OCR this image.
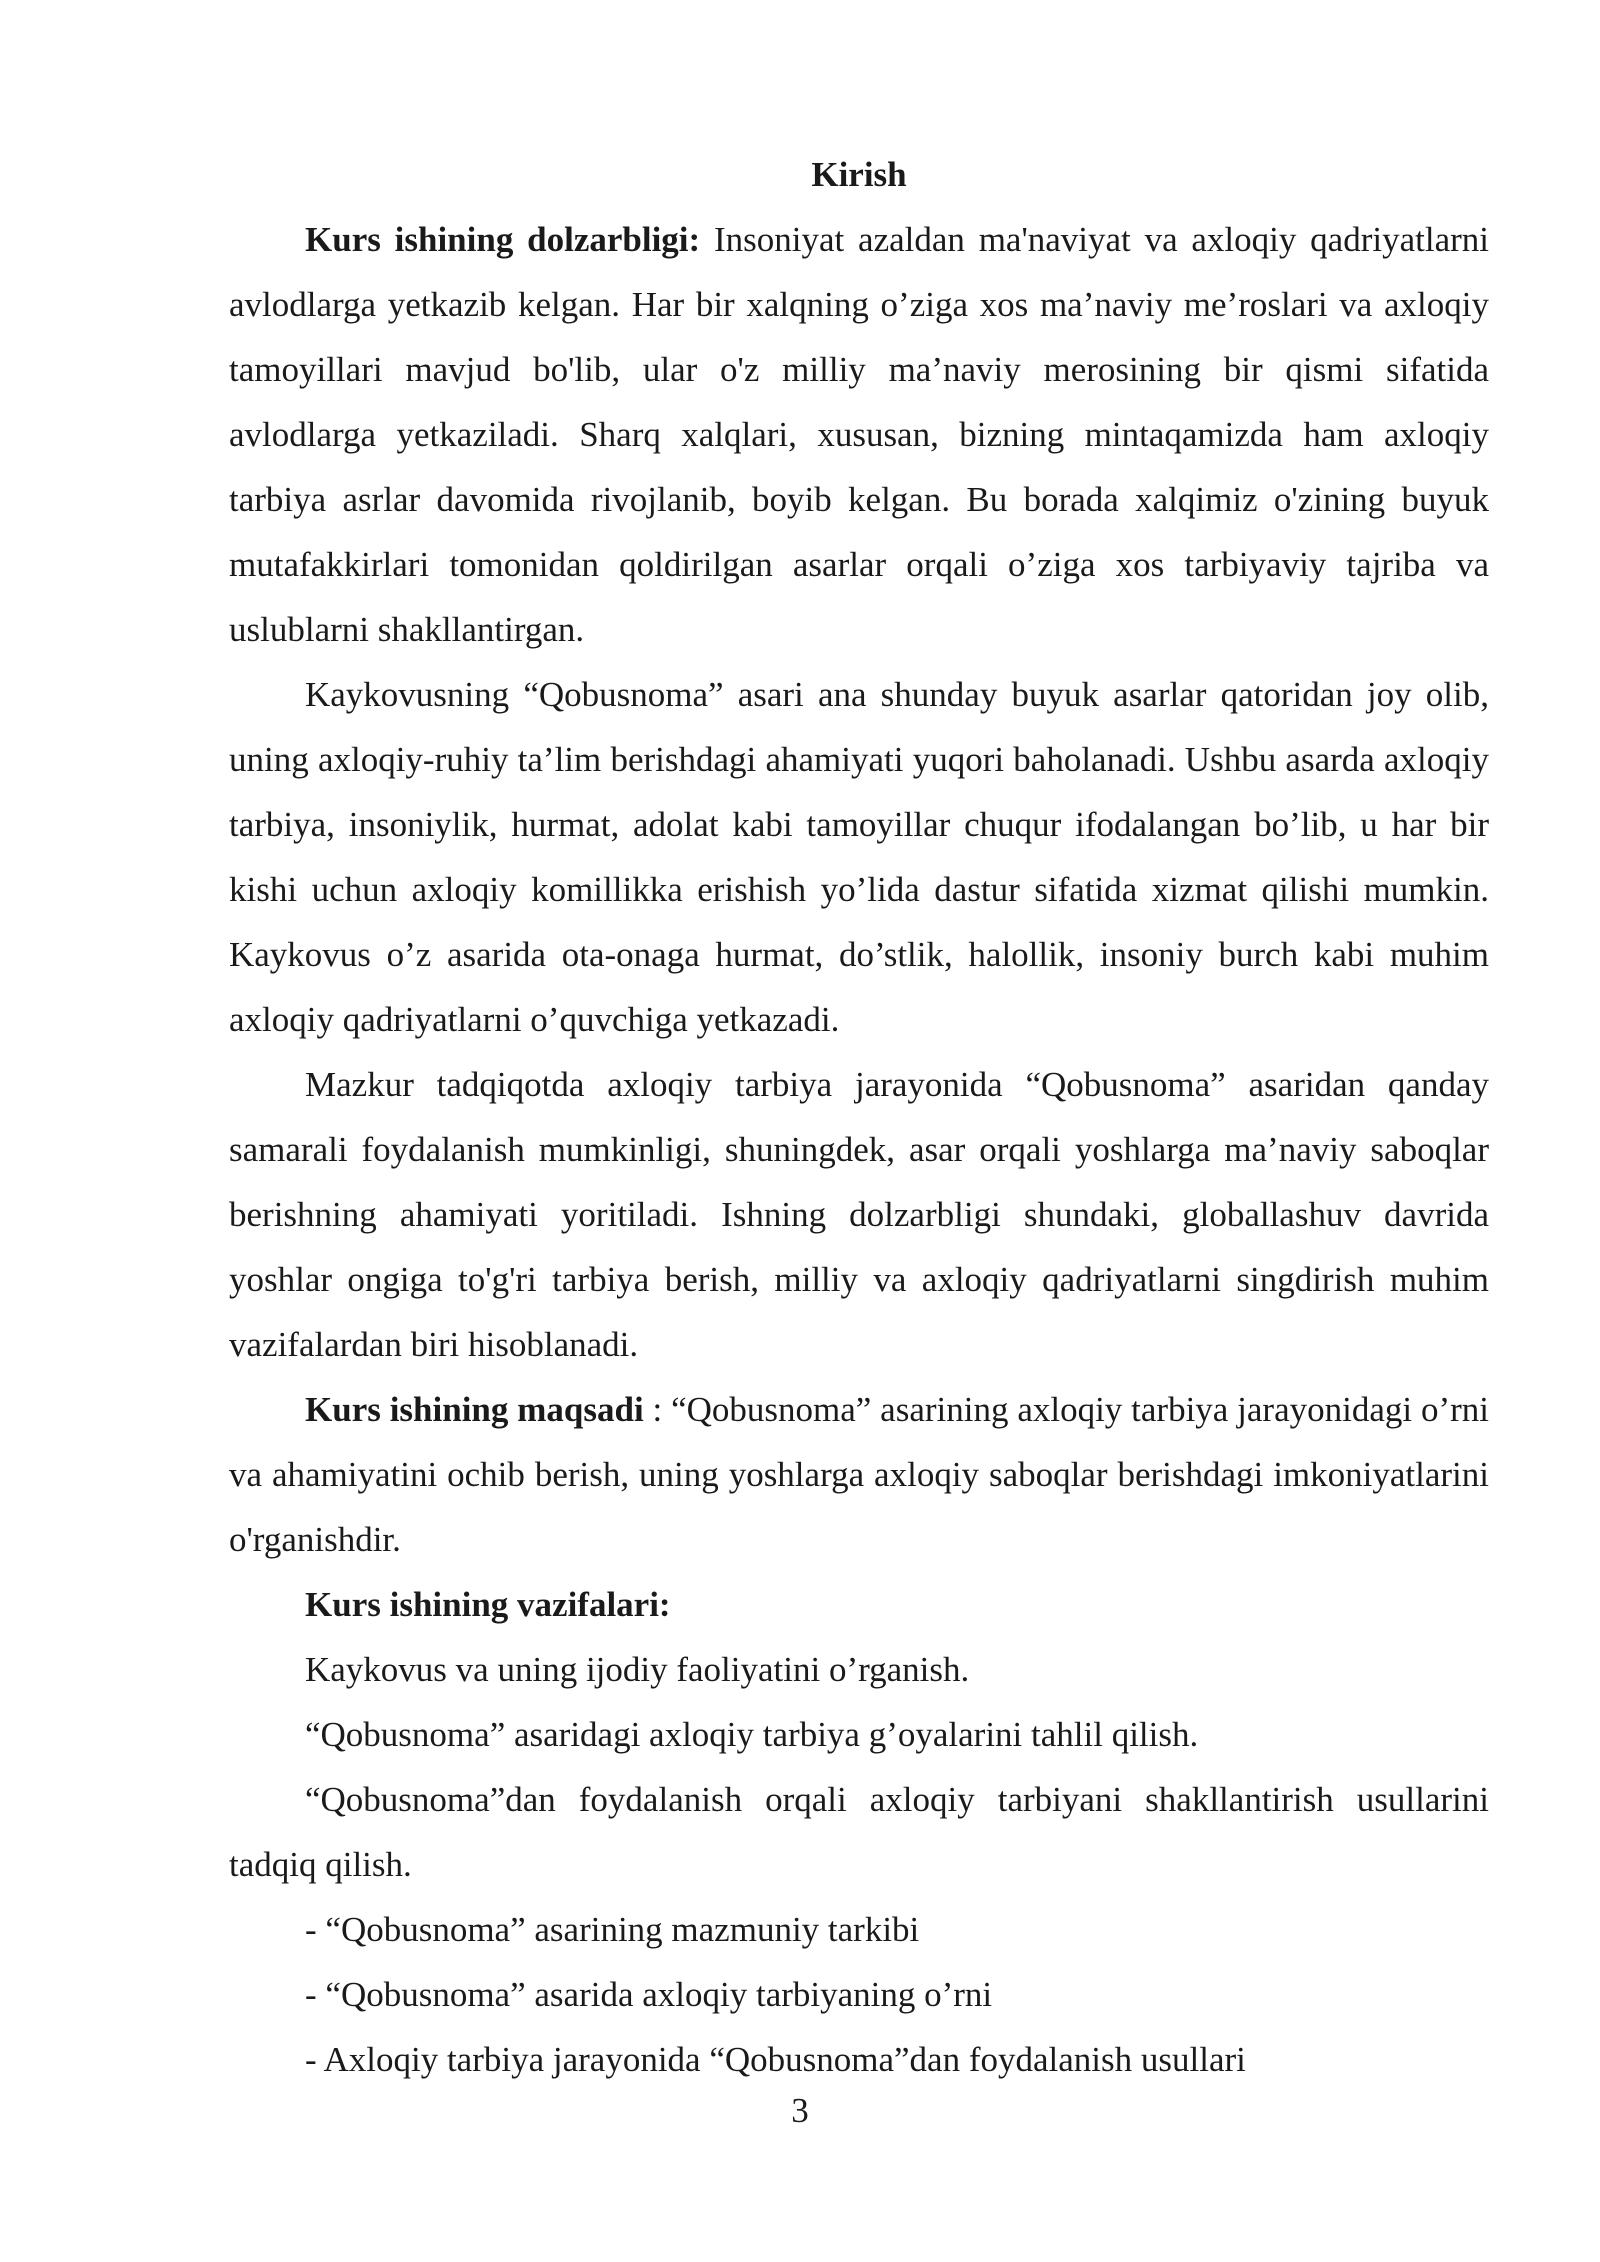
Kirish

Kurs ishining dolzarbligi: Insoniyat azaldan ma'naviyat va axloqiy qadriyatlarni avlodlarga yetkazib kelgan. Har bir xalqning o’ziga xos ma’naviy me’roslari va axloqiy tamoyillari mavjud bo'lib, ular o'z milliy ma’naviy merosining bir qismi sifatida avlodlarga yetkaziladi. Sharq xalqlari, xususan, bizning mintaqamizda ham axloqiy tarbiya asrlar davomida rivojlanib, boyib kelgan. Bu borada xalqimiz o'zining buyuk mutafakkirlari tomonidan qoldirilgan asarlar orqali o’ziga xos tarbiyaviy tajriba va uslublarni shakllantirgan.

Kaykovusning “Qobusnoma” asari ana shunday buyuk asarlar qatoridan joy olib, uning axloqiy-ruhiy ta’lim berishdagi ahamiyati yuqori baholanadi. Ushbu asarda axloqiy tarbiya, insoniylik, hurmat, adolat kabi tamoyillar chuqur ifodalangan bo’lib, u har bir kishi uchun axloqiy komillikka erishish yo’lida dastur sifatida xizmat qilishi mumkin. Kaykovus o’z asarida ota-onaga hurmat, do’stlik, halollik, insoniy burch kabi muhim axloqiy qadriyatlarni o’quvchiga yetkazadi.

Mazkur tadqiqotda axloqiy tarbiya jarayonida “Qobusnoma” asaridan qanday samarali foydalanish mumkinligi, shuningdek, asar orqali yoshlarga ma’naviy saboqlar berishning ahamiyati yoritiladi. Ishning dolzarbligi shundaki, globallashuv davrida yoshlar ongiga to'g'ri tarbiya berish, milliy va axloqiy qadriyatlarni singdirish muhim vazifalardan biri hisoblanadi.

Kurs ishining maqsadi : “Qobusnoma” asarining axloqiy tarbiya jarayonidagi o’rni va ahamiyatini ochib berish, uning yoshlarga axloqiy saboqlar berishdagi imkoniyatlarini o'rganishdir.

Kurs ishining vazifalari:

Kaykovus va uning ijodiy faoliyatini o’rganish.

“Qobusnoma” asaridagi axloqiy tarbiya g’oyalarini tahlil qilish.

“Qobusnoma”dan foydalanish orqali axloqiy tarbiyani shakllantirish usullarini tadqiq qilish.

- “Qobusnoma” asarining mazmuniy tarkibi

- “Qobusnoma” asarida axloqiy tarbiyaning o’rni

- Axloqiy tarbiya jarayonida “Qobusnoma”dan foydalanish usullari

3
